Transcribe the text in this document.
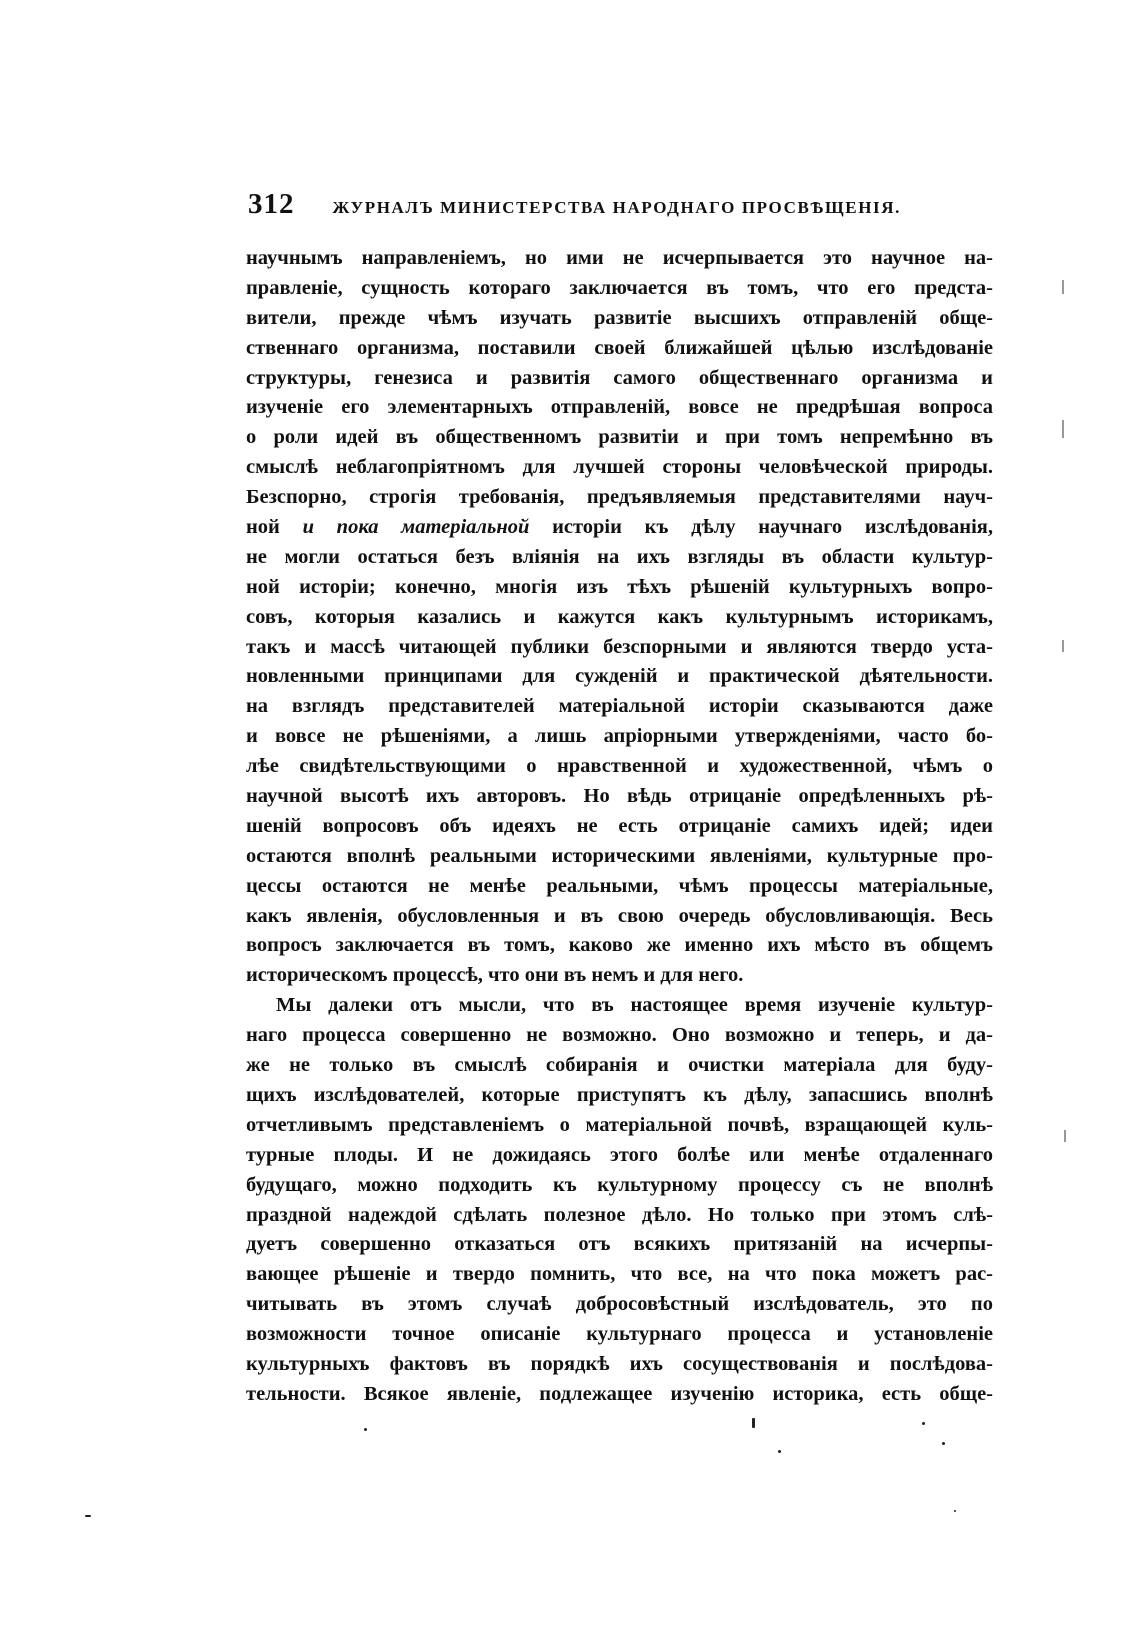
312 ЖУРНАЛЪ МИНИСТЕРСТВА НАРОДНАГО ПРОСВѢЩЕНІЯ.
научнымъ направленіемъ, но ими не исчерпывается это научное на-
правленіе, сущность котораго заключается въ томъ, что его предста-
вители, прежде чѣмъ изучать развитіе высшихъ отправленій обще-
ственнаго организма, поставили своей ближайшей цѣлью изслѣдованіе
структуры, генезиса и развитія самого общественнаго организма и
изученіе его элементарныхъ отправленій, вовсе не предрѣшая вопроса
о роли идей въ общественномъ развитіи и при томъ непремѣнно въ
смыслѣ неблагопріятномъ для лучшей стороны человѣческой природы.
Безспорно, строгія требованія, предъявляемыя представителями науч-
ной и пока матеріальной исторіи къ дѣлу научнаго изслѣдованія,
не могли остаться безъ вліянія на ихъ взгляды въ области культур-
ной исторіи; конечно, многія изъ тѣхъ рѣшеній культурныхъ вопро-
совъ, которыя казались и кажутся какъ культурнымъ историкамъ,
такъ и массѣ читающей публики безспорными и являются твердо уста-
новленными принципами для сужденій и практической дѣятельности.
на взглядъ представителей матеріальной исторіи сказываются даже
и вовсе не рѣшеніями, а лишь апріорными утвержденіями, часто бо-
лѣе свидѣтельствующими о нравственной и художественной, чѣмъ о
научной высотѣ ихъ авторовъ. Но вѣдь отрицаніе опредѣленныхъ рѣ-
шеній вопросовъ объ идеяхъ не есть отрицаніе самихъ идей; идеи
остаются вполнѣ реальными историческими явленіями, культурные про-
цессы остаются не менѣе реальными, чѣмъ процессы матеріальные,
какъ явленія, обусловленныя и въ свою очередь обусловливающія. Весь
вопросъ заключается въ томъ, каково же именно ихъ мѣсто въ общемъ
историческомъ процессѣ, что они въ немъ и для него.
Мы далеки отъ мысли, что въ настоящее время изученіе культур-
наго процесса совершенно не возможно. Оно возможно и теперь, и да-
же не только въ смыслѣ собиранія и очистки матеріала для буду-
щихъ изслѣдователей, которые приступятъ къ дѣлу, запасшись вполнѣ
отчетливымъ представленіемъ о матеріальной почвѣ, взращающей куль-
турные плоды. И не дожидаясь этого болѣе или менѣе отдаленнаго
будущаго, можно подходить къ культурному процессу съ не вполнѣ
праздной надеждой сдѣлать полезное дѣло. Но только при этомъ слѣ-
дуетъ совершенно отказаться отъ всякихъ притязаній на исчерпы-
вающее рѣшеніе и твердо помнить, что все, на что пока можетъ рас-
читывать въ этомъ случаѣ добросовѣстный изслѣдователь, это по
возможности точное описаніе культурнаго процесса и установленіе
культурныхъ фактовъ въ порядкѣ ихъ сосуществованія и послѣдова-
тельности. Всякое явленіе, подлежащее изученію историка, есть обще-
